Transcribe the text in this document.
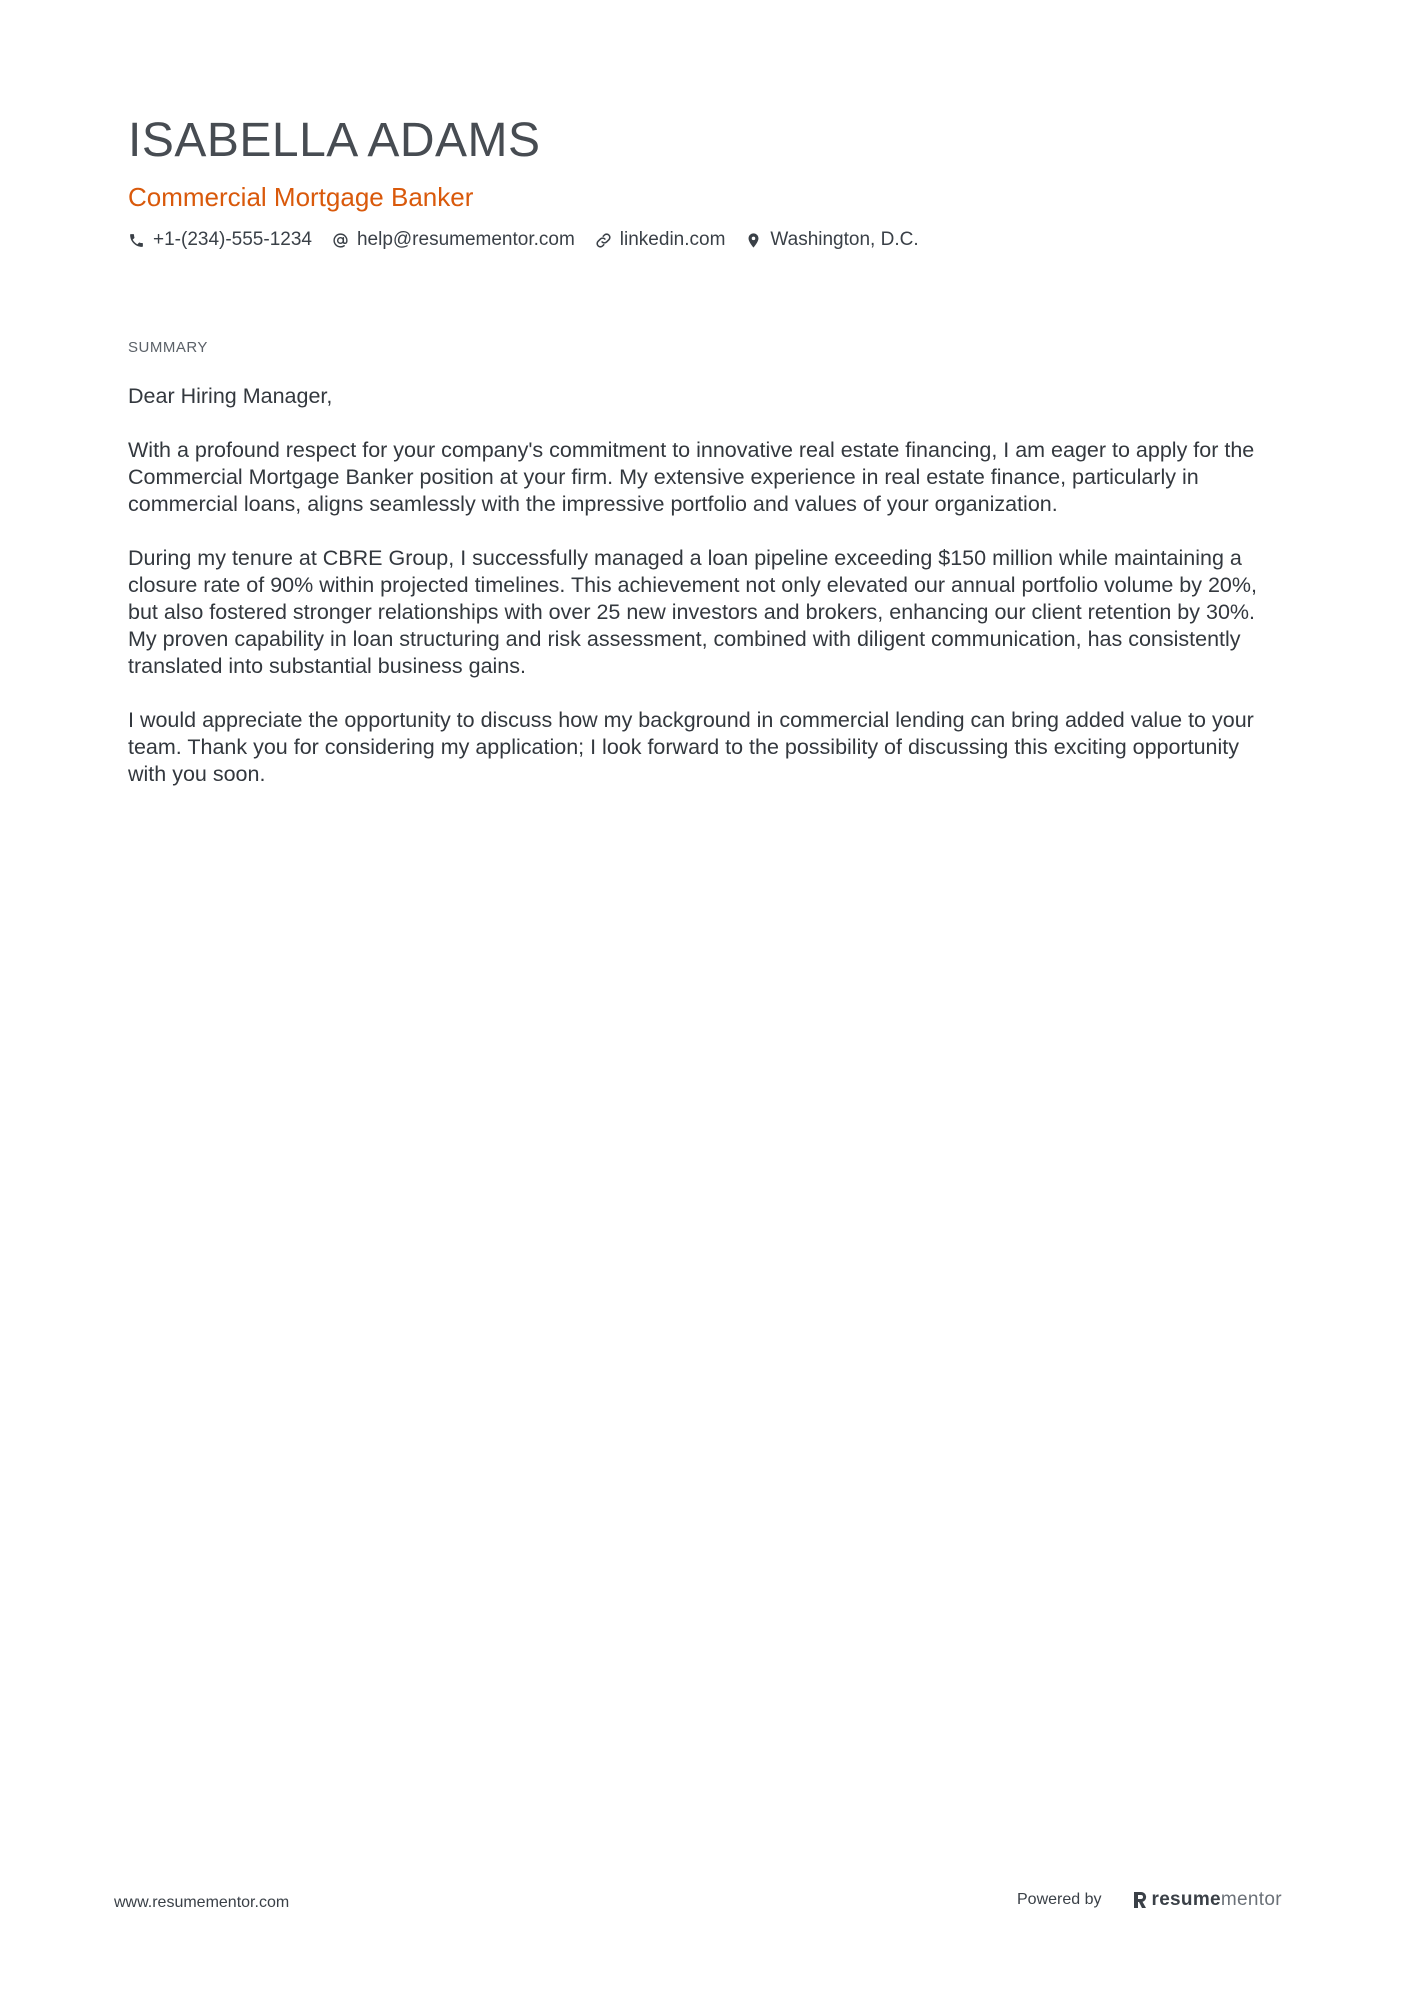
ISABELLA ADAMS
Commercial Mortgage Banker
+1-(234)-555-1234 help@resumementor.com linkedin.com Washington, D.C.
SUMMARY

Dear Hiring Manager,

With a profound respect for your company's commitment to innovative real estate financing, I am eager to apply for the Commercial Mortgage Banker position at your firm. My extensive experience in real estate finance, particularly in commercial loans, aligns seamlessly with the impressive portfolio and values of your organization.

During my tenure at CBRE Group, I successfully managed a loan pipeline exceeding $150 million while maintaining a closure rate of 90% within projected timelines. This achievement not only elevated our annual portfolio volume by 20%, but also fostered stronger relationships with over 25 new investors and brokers, enhancing our client retention by 30%. My proven capability in loan structuring and risk assessment, combined with diligent communication, has consistently translated into substantial business gains.

I would appreciate the opportunity to discuss how my background in commercial lending can bring added value to your team. Thank you for considering my application; I look forward to the possibility of discussing this exciting opportunity with you soon.

www.resumementor.com	Powered by	resume mentor
